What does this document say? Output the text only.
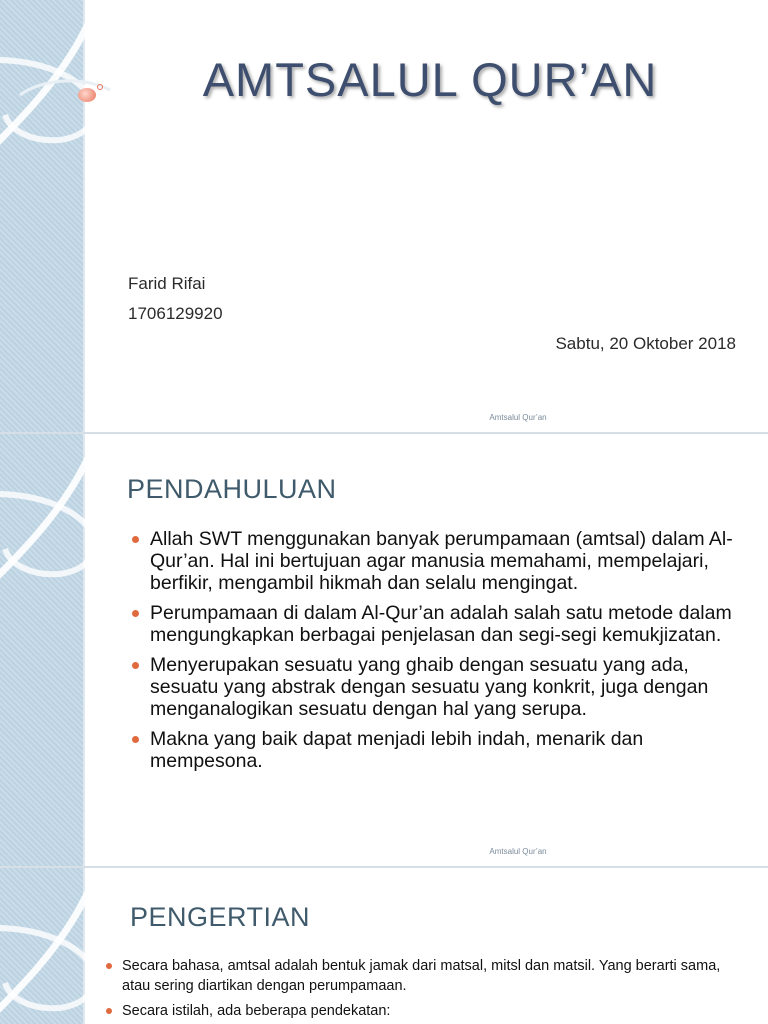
AMTSALUL QUR’AN
Farid Rifai
1706129920
Sabtu, 20 Oktober 2018
Amtsalul Qur’an
PENDAHULUAN
Allah SWT menggunakan banyak perumpamaan (amtsal) dalam Al-Qur’an. Hal ini bertujuan agar manusia memahami, mempelajari, berfikir, mengambil hikmah dan selalu mengingat.
Perumpamaan di dalam Al-Qur’an adalah salah satu metode dalam mengungkapkan berbagai penjelasan dan segi-segi kemukjizatan.
Menyerupakan sesuatu yang ghaib dengan sesuatu yang ada, sesuatu yang abstrak dengan sesuatu yang konkrit, juga dengan menganalogikan sesuatu dengan hal yang serupa.
Makna yang baik dapat menjadi lebih indah, menarik dan mempesona.
Amtsalul Qur’an
PENGERTIAN
Secara bahasa, amtsal adalah bentuk jamak dari matsal, mitsl dan matsil. Yang berarti sama, atau sering diartikan dengan perumpamaan.
Secara istilah, ada beberapa pendekatan:
